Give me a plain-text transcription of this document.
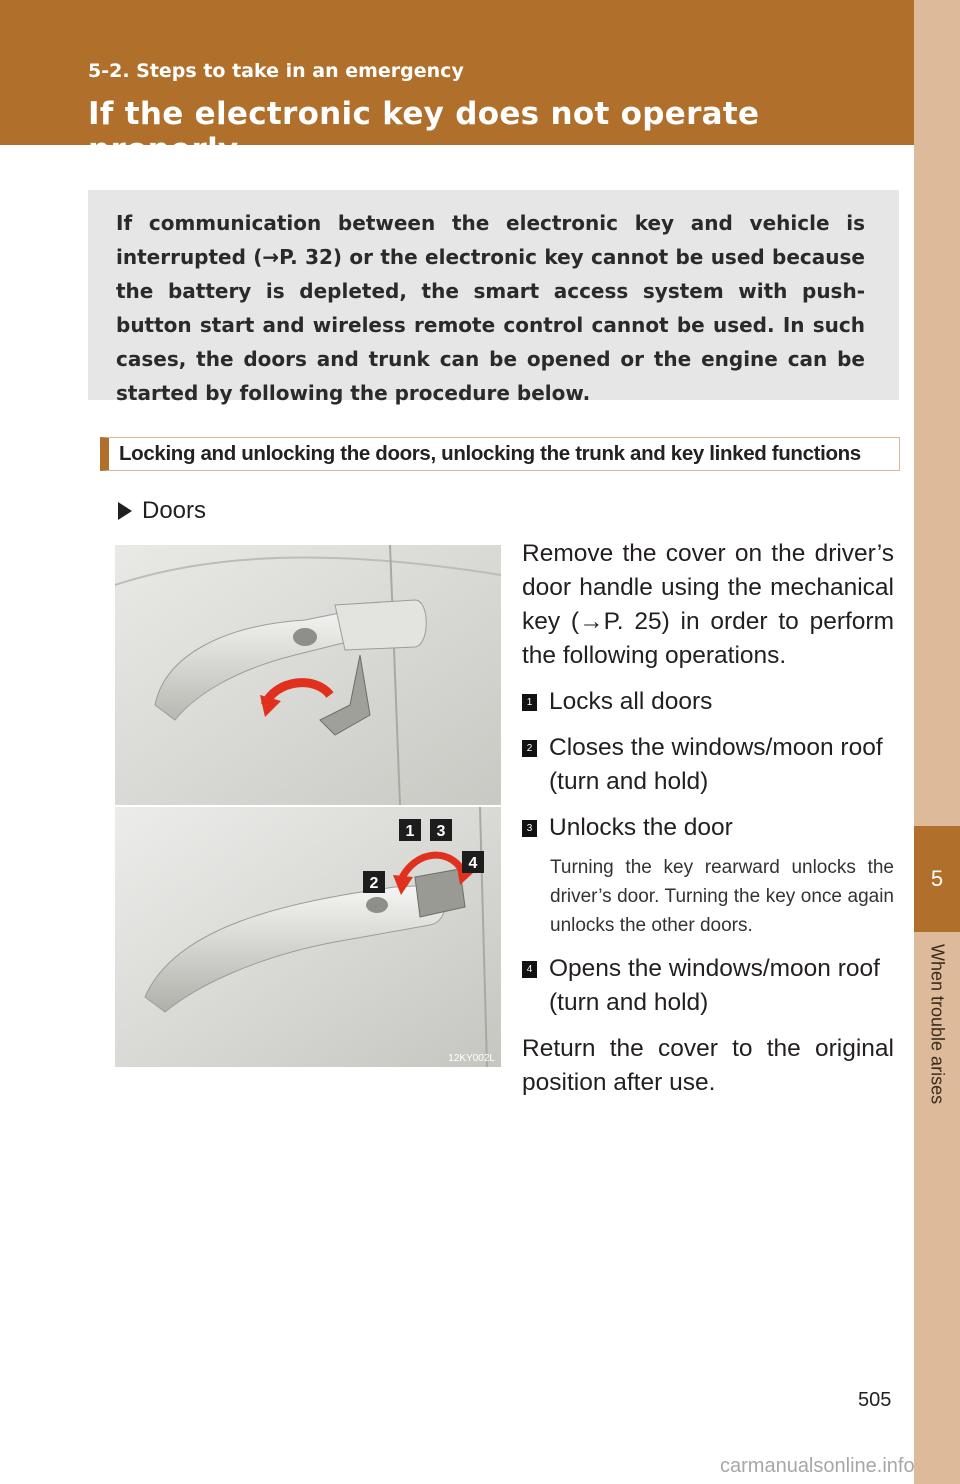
5-2. Steps to take in an emergency
If the electronic key does not operate properly
5
When trouble arises

If communication between the electronic key and vehicle is interrupted (→P. 32) or the electronic key cannot be used because the battery is depleted, the smart access system with push-button start and wireless remote control cannot be used. In such cases, the doors and trunk can be opened or the engine can be started by following the procedure below.

Locking and unlocking the doors, unlocking the trunk and key linked functions
Doors
1 3
2
4
12KY002L

Remove the cover on the driver’s door handle using the mechanical key (→P. 25) in order to perform the following operations.

1 Locks all doors
2 Closes the windows/moon roof (turn and hold)
3 Unlocks the door

Turning the key rearward unlocks the driver’s door. Turning the key once again unlocks the other doors.

4 Opens the windows/moon roof (turn and hold)

Return the cover to the original position after use.

505
carmanualsonline.info
